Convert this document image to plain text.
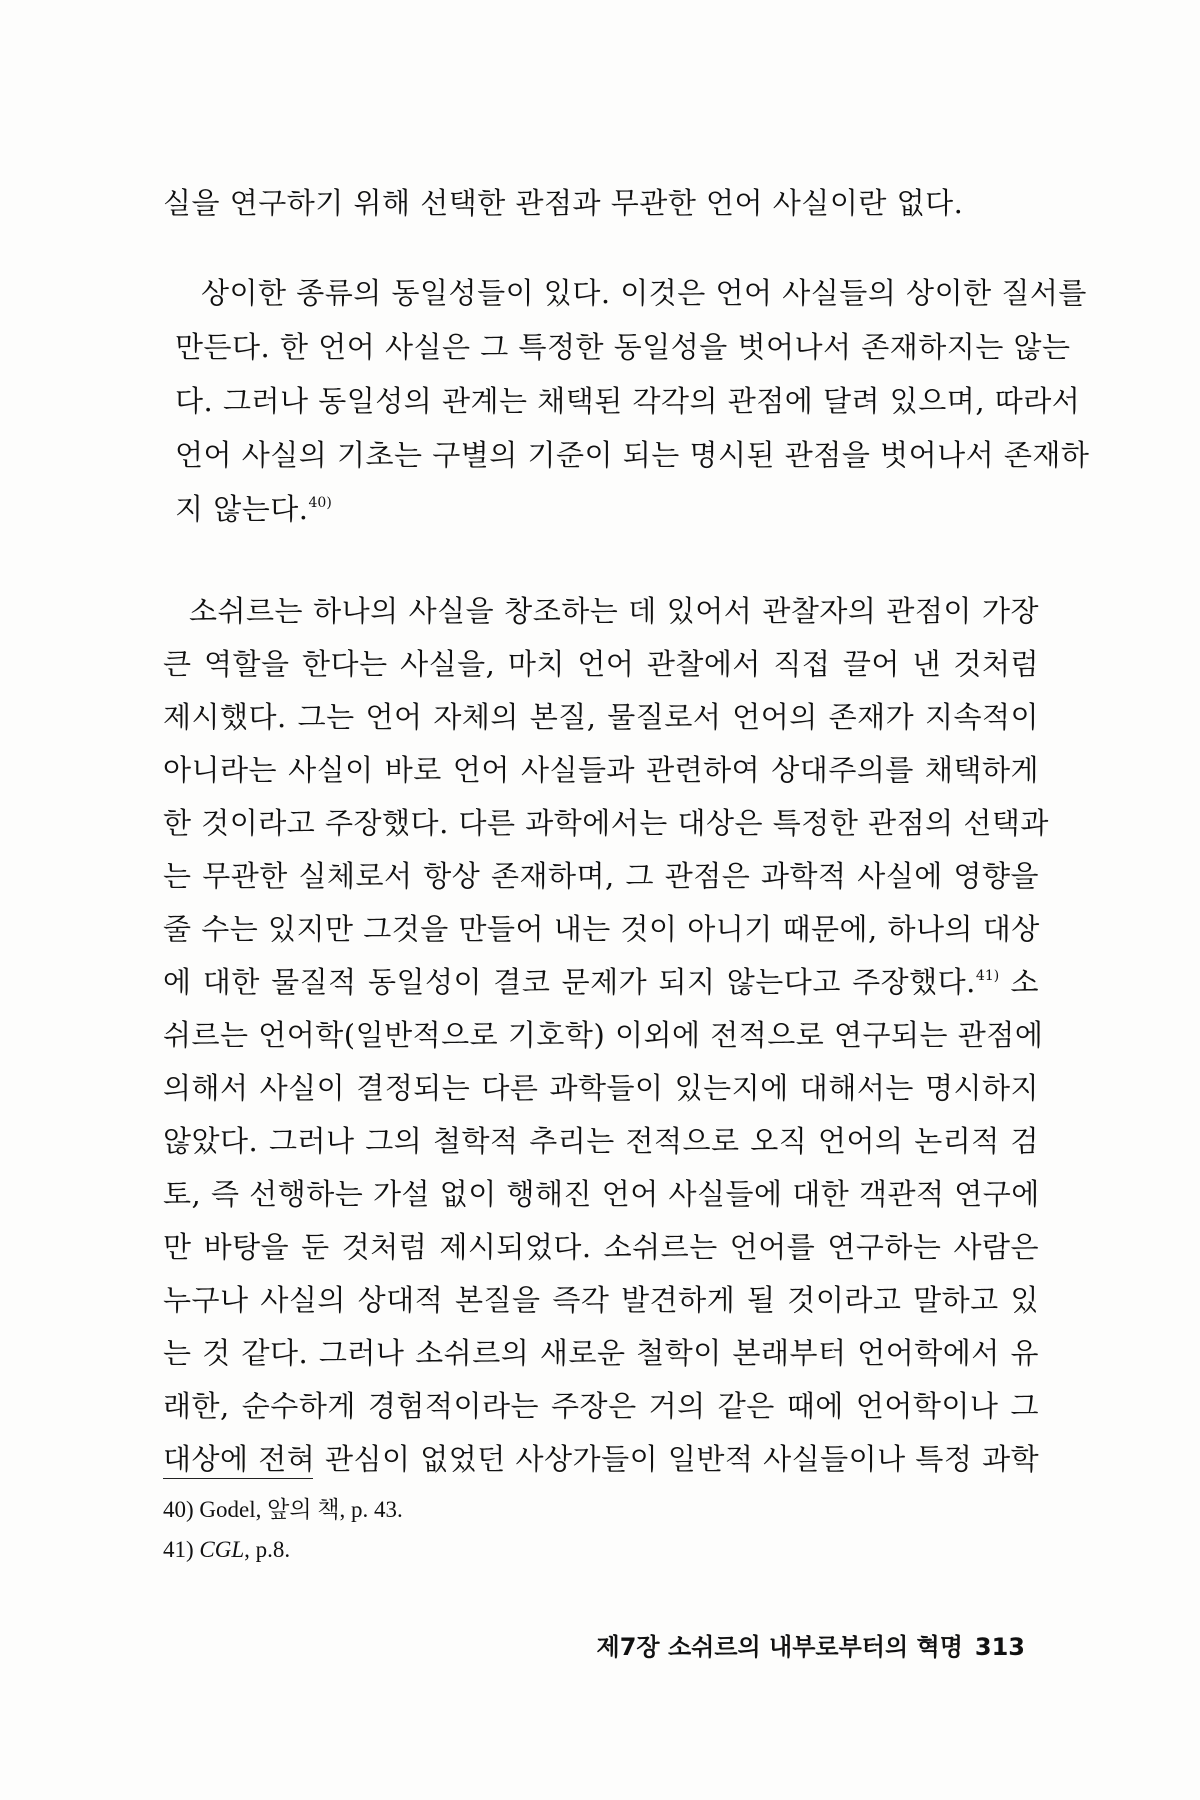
실을 연구하기 위해 선택한 관점과 무관한 언어 사실이란 없다.
상이한 종류의 동일성들이 있다. 이것은 언어 사실들의 상이한 질서를
만든다. 한 언어 사실은 그 특정한 동일성을 벗어나서 존재하지는 않는
다. 그러나 동일성의 관계는 채택된 각각의 관점에 달려 있으며, 따라서
언어 사실의 기초는 구별의 기준이 되는 명시된 관점을 벗어나서 존재하
지 않는다.$^{40)}$
소쉬르는 하나의 사실을 창조하는 데 있어서 관찰자의 관점이 가장
큰 역할을 한다는 사실을, 마치 언어 관찰에서 직접 끌어 낸 것처럼
제시했다. 그는 언어 자체의 본질, 물질로서 언어의 존재가 지속적이
아니라는 사실이 바로 언어 사실들과 관련하여 상대주의를 채택하게
한 것이라고 주장했다. 다른 과학에서는 대상은 특정한 관점의 선택과
는 무관한 실체로서 항상 존재하며, 그 관점은 과학적 사실에 영향을
줄 수는 있지만 그것을 만들어 내는 것이 아니기 때문에, 하나의 대상
에 대한 물질적 동일성이 결코 문제가 되지 않는다고 주장했다.$^{41)}$ 소
쉬르는 언어학(일반적으로 기호학) 이외에 전적으로 연구되는 관점에
의해서 사실이 결정되는 다른 과학들이 있는지에 대해서는 명시하지
않았다. 그러나 그의 철학적 추리는 전적으로 오직 언어의 논리적 검
토, 즉 선행하는 가설 없이 행해진 언어 사실들에 대한 객관적 연구에
만 바탕을 둔 것처럼 제시되었다. 소쉬르는 언어를 연구하는 사람은
누구나 사실의 상대적 본질을 즉각 발견하게 될 것이라고 말하고 있
는 것 같다. 그러나 소쉬르의 새로운 철학이 본래부터 언어학에서 유
래한, 순수하게 경험적이라는 주장은 거의 같은 때에 언어학이나 그
대상에 전혀 관심이 없었던 사상가들이 일반적 사실들이나 특정 과학
40) Godel, 앞의 책, p. 43.
41) CGL, p.8.
제7장 소쉬르의 내부로부터의 혁명 313
